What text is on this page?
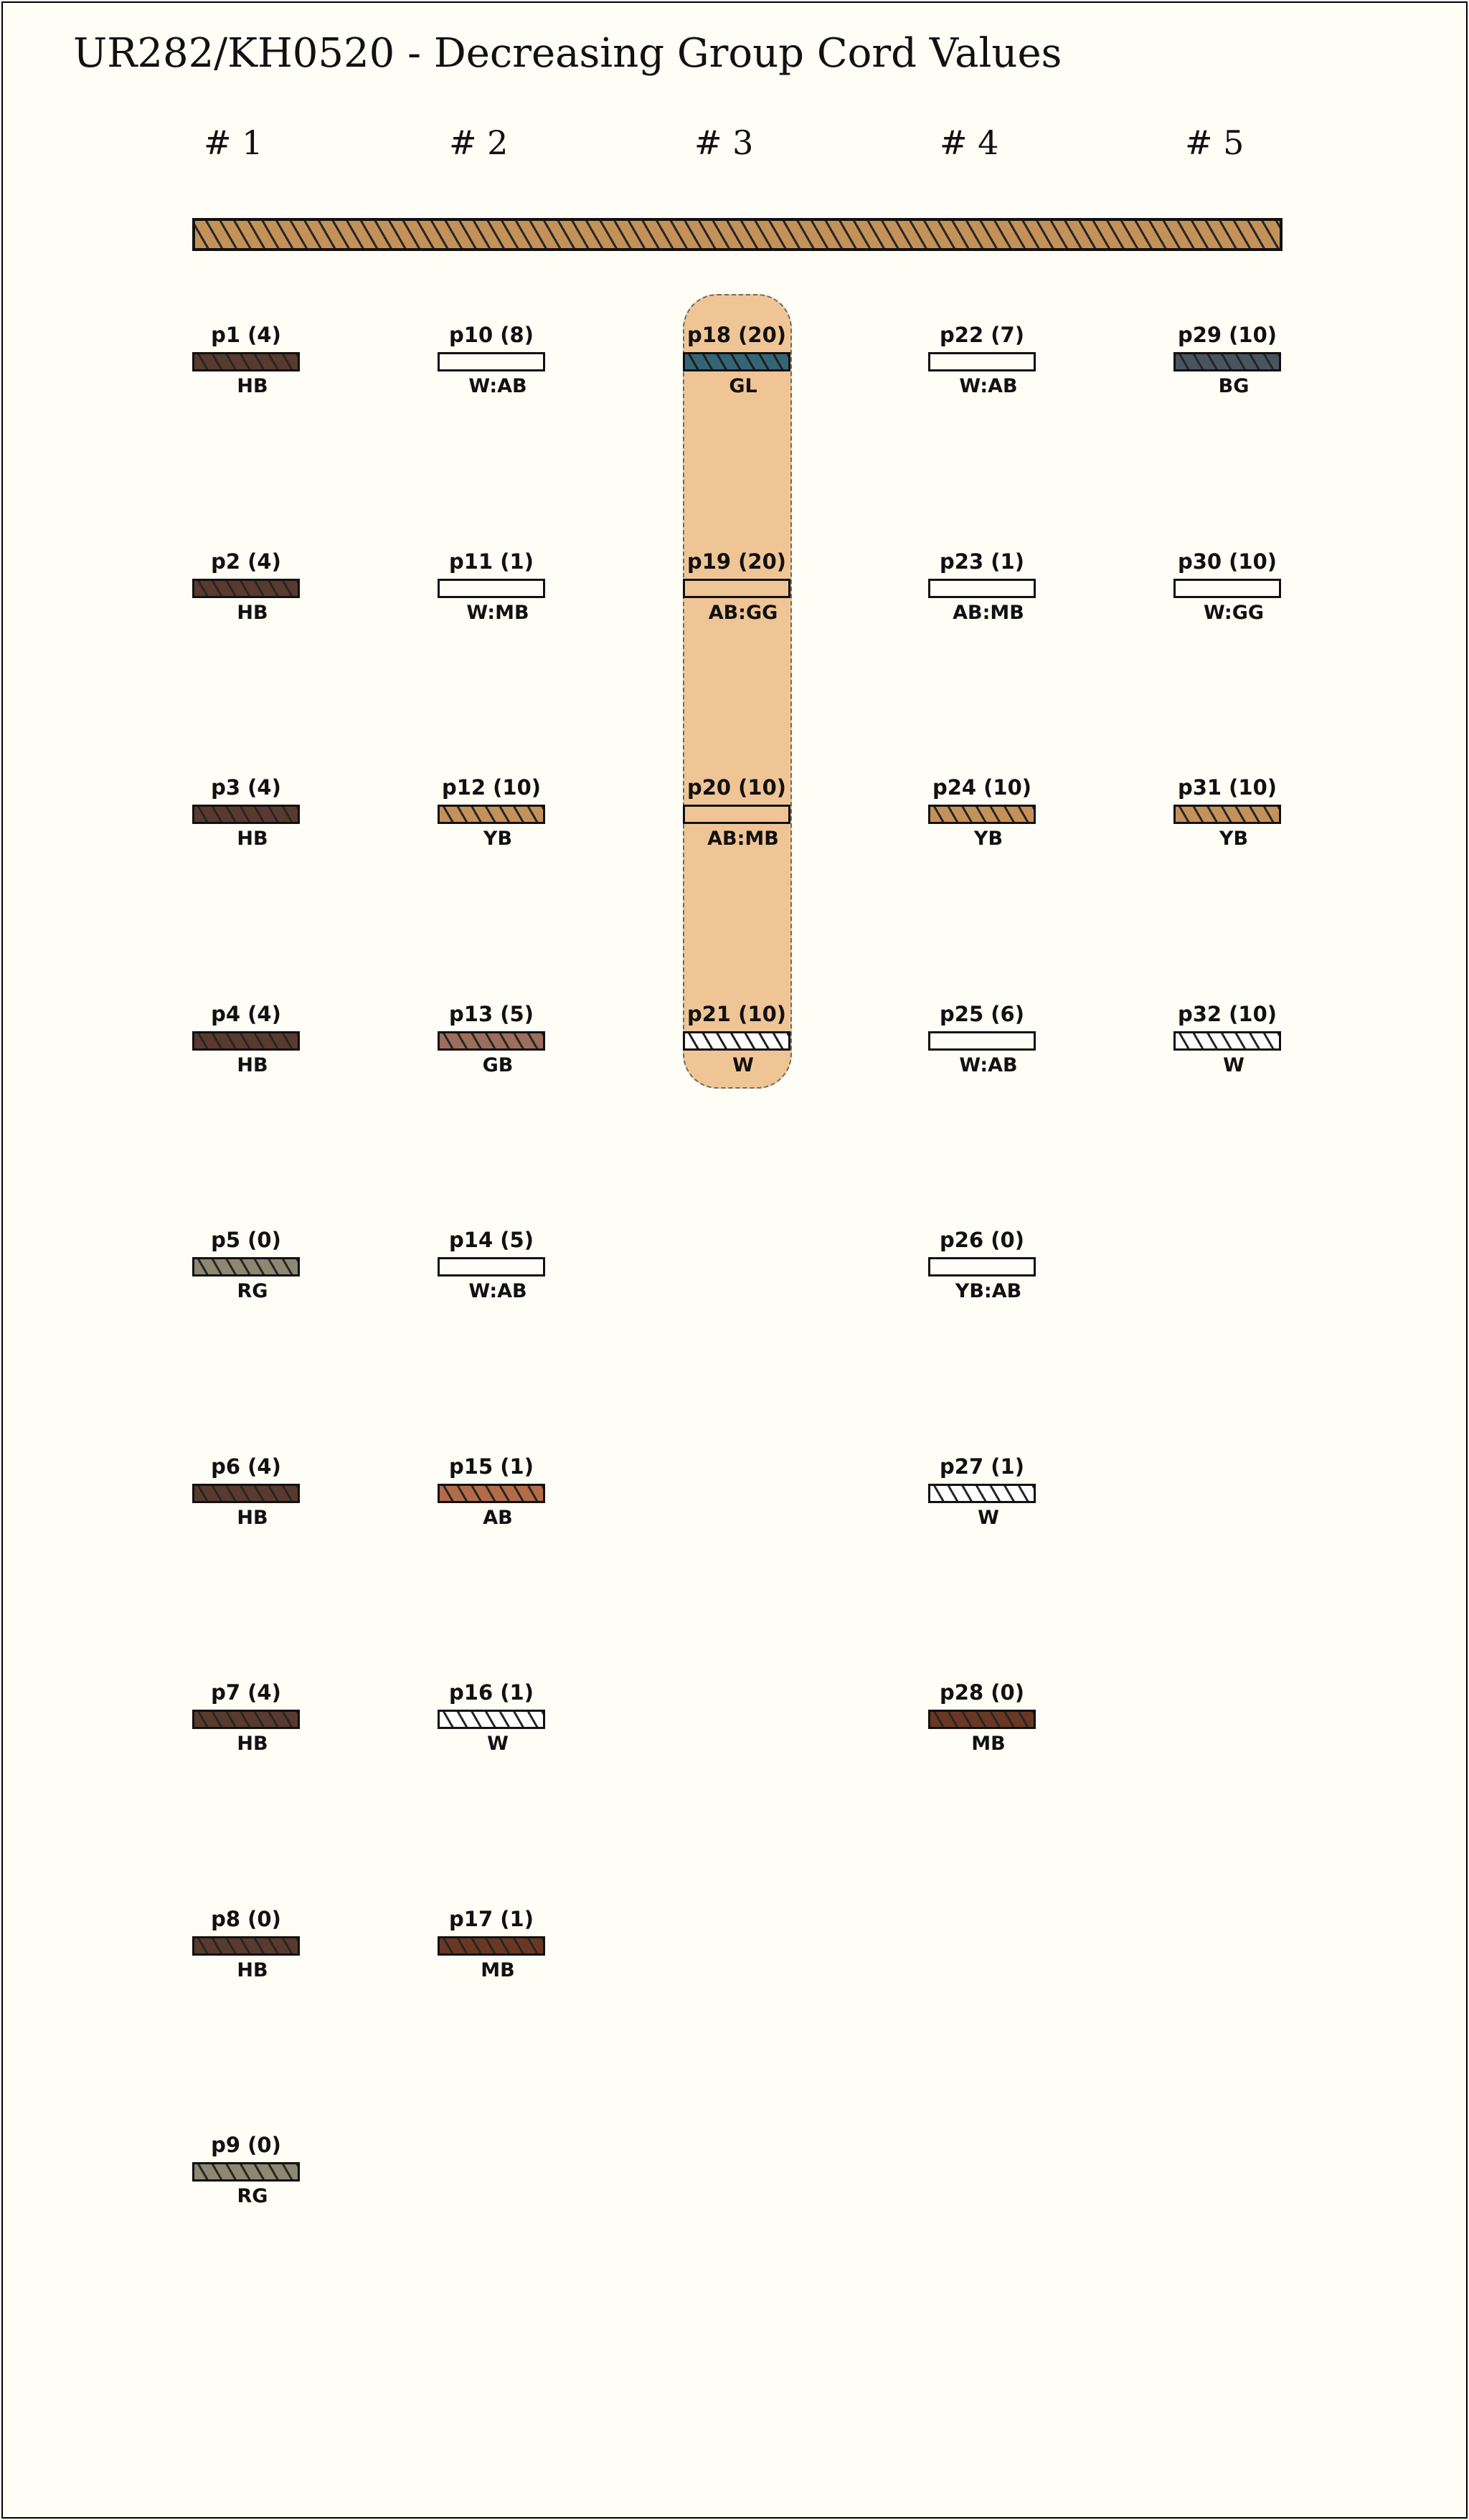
UR282/KH0520 - Decreasing Group Cord Values
# 1	# 2	# 3	# 4	# 5
p1 (4)
HB
p2 (4)
HB
p3 (4)
HB
p4 (4)
HB
p5 (0)
RG
p6 (4)
HB
p7 (4)
HB
p8 (0)
HB
p9 (0)
RG
p10 (8)
W:AB
p11 (1)
W:MB
p12 (10)
YB
p13 (5)
GB
p14 (5)
W:AB
p15 (1)
AB
p16 (1)
W
p17 (1)
MB
p18 (20)
GL
p19 (20)
AB:GG
p20 (10)
AB:MB
p21 (10)
W
p22 (7)
W:AB
p23 (1)
AB:MB
p24 (10)
YB
p25 (6)
W:AB
p26 (0)
YB:AB
p27 (1)
W
p28 (0)
MB
p29 (10)
BG
p30 (10)
W:GG
p31 (10)
YB
p32 (10)
W
